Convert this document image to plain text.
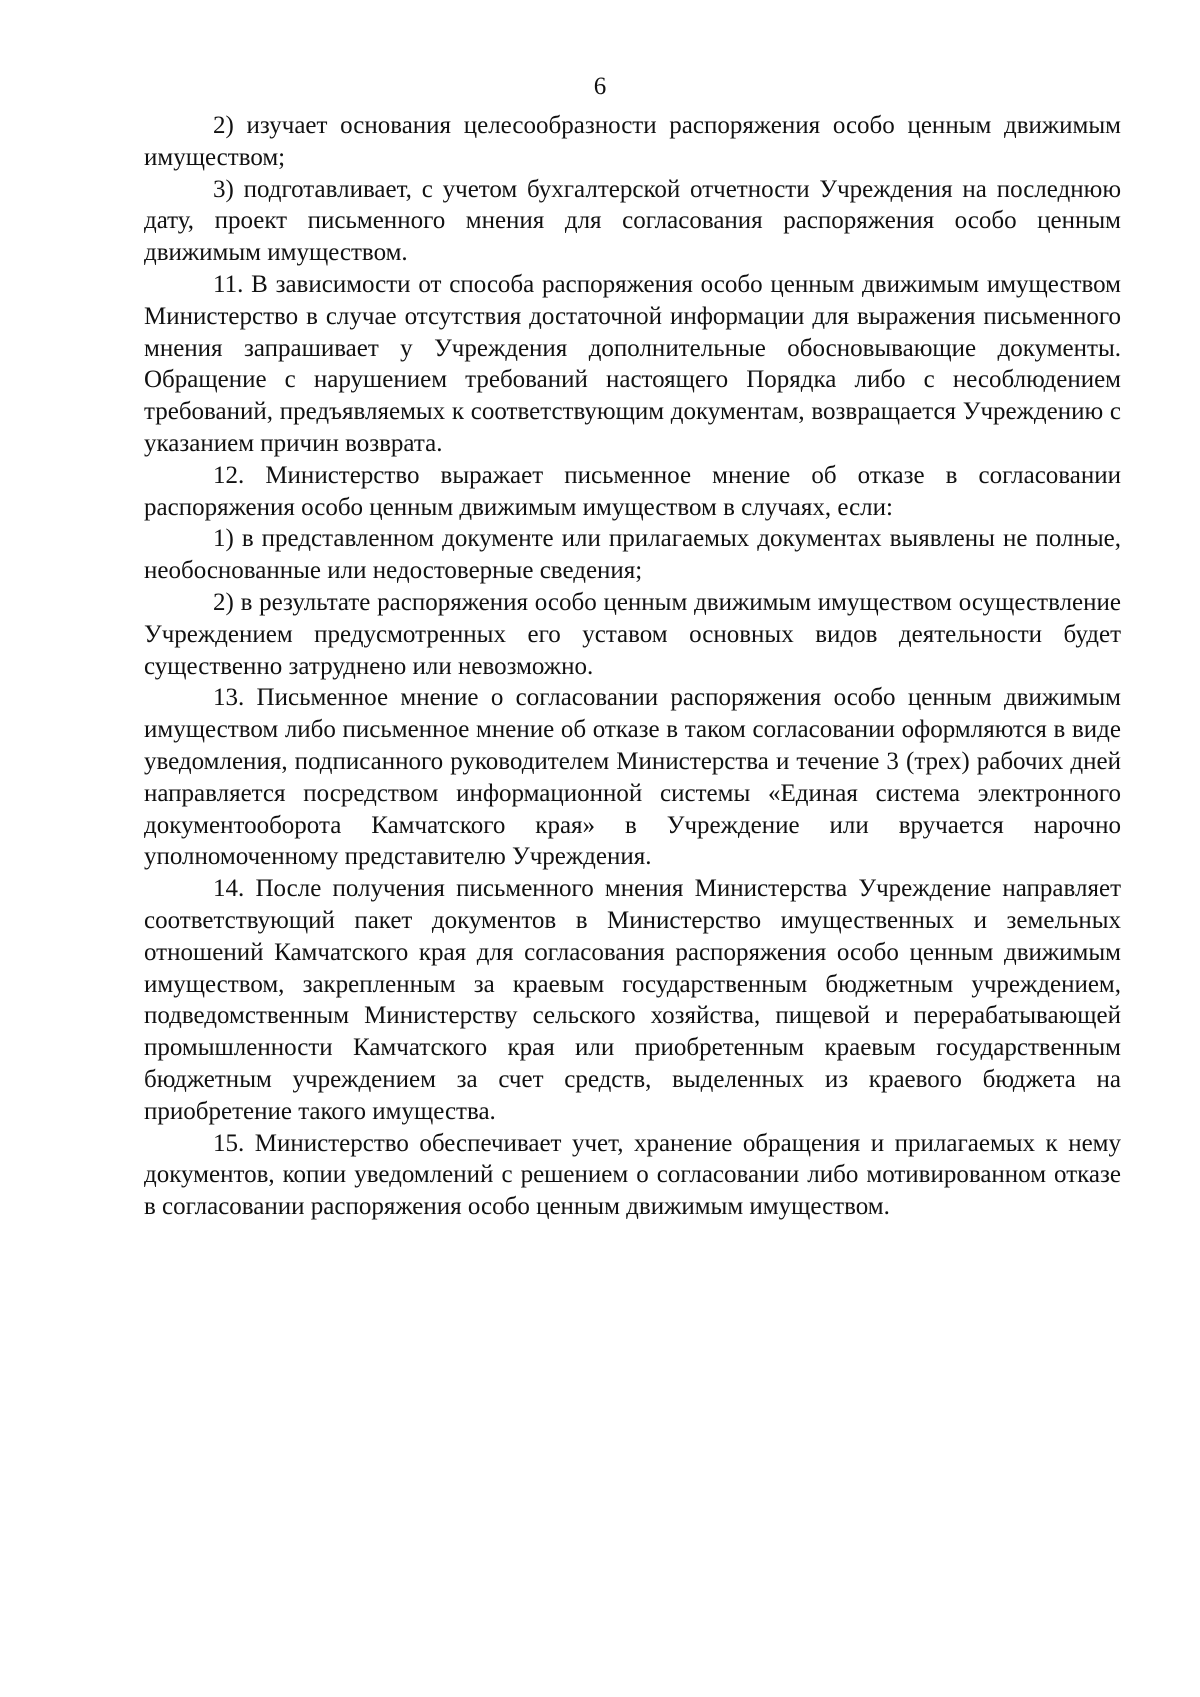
6

2) изучает основания целесообразности распоряжения особо ценным движимым имуществом;

3) подготавливает, с учетом бухгалтерской отчетности Учреждения на последнюю дату, проект письменного мнения для согласования распоряжения особо ценным движимым имуществом.

11. В зависимости от способа распоряжения особо ценным движимым имуществом Министерство в случае отсутствия достаточной информации для выражения письменного мнения запрашивает у Учреждения дополнительные обосновывающие документы. Обращение с нарушением требований настоящего Порядка либо с несоблюдением требований, предъявляемых к соответствующим документам, возвращается Учреждению с указанием причин возврата.

12. Министерство выражает письменное мнение об отказе в согласовании распоряжения особо ценным движимым имуществом в случаях, если:

1) в представленном документе или прилагаемых документах выявлены не полные, необоснованные или недостоверные сведения;

2) в результате распоряжения особо ценным движимым имуществом осуществление Учреждением предусмотренных его уставом основных видов деятельности будет существенно затруднено или невозможно.

13. Письменное мнение о согласовании распоряжения особо ценным движимым имуществом либо письменное мнение об отказе в таком согласовании оформляются в виде уведомления, подписанного руководителем Министерства и течение 3 (трех) рабочих дней направляется посредством информационной системы «Единая система электронного документооборота Камчатского края» в Учреждение или вручается нарочно уполномоченному представителю Учреждения.

14. После получения письменного мнения Министерства Учреждение направляет соответствующий пакет документов в Министерство имущественных и земельных отношений Камчатского края для согласования распоряжения особо ценным движимым имуществом, закрепленным за краевым государственным бюджетным учреждением, подведомственным Министерству сельского хозяйства, пищевой и перерабатывающей промышленности Камчатского края или приобретенным краевым государственным бюджетным учреждением за счет средств, выделенных из краевого бюджета на приобретение такого имущества.

15. Министерство обеспечивает учет, хранение обращения и прилагаемых к нему документов, копии уведомлений с решением о согласовании либо мотивированном отказе в согласовании распоряжения особо ценным движимым имуществом.
